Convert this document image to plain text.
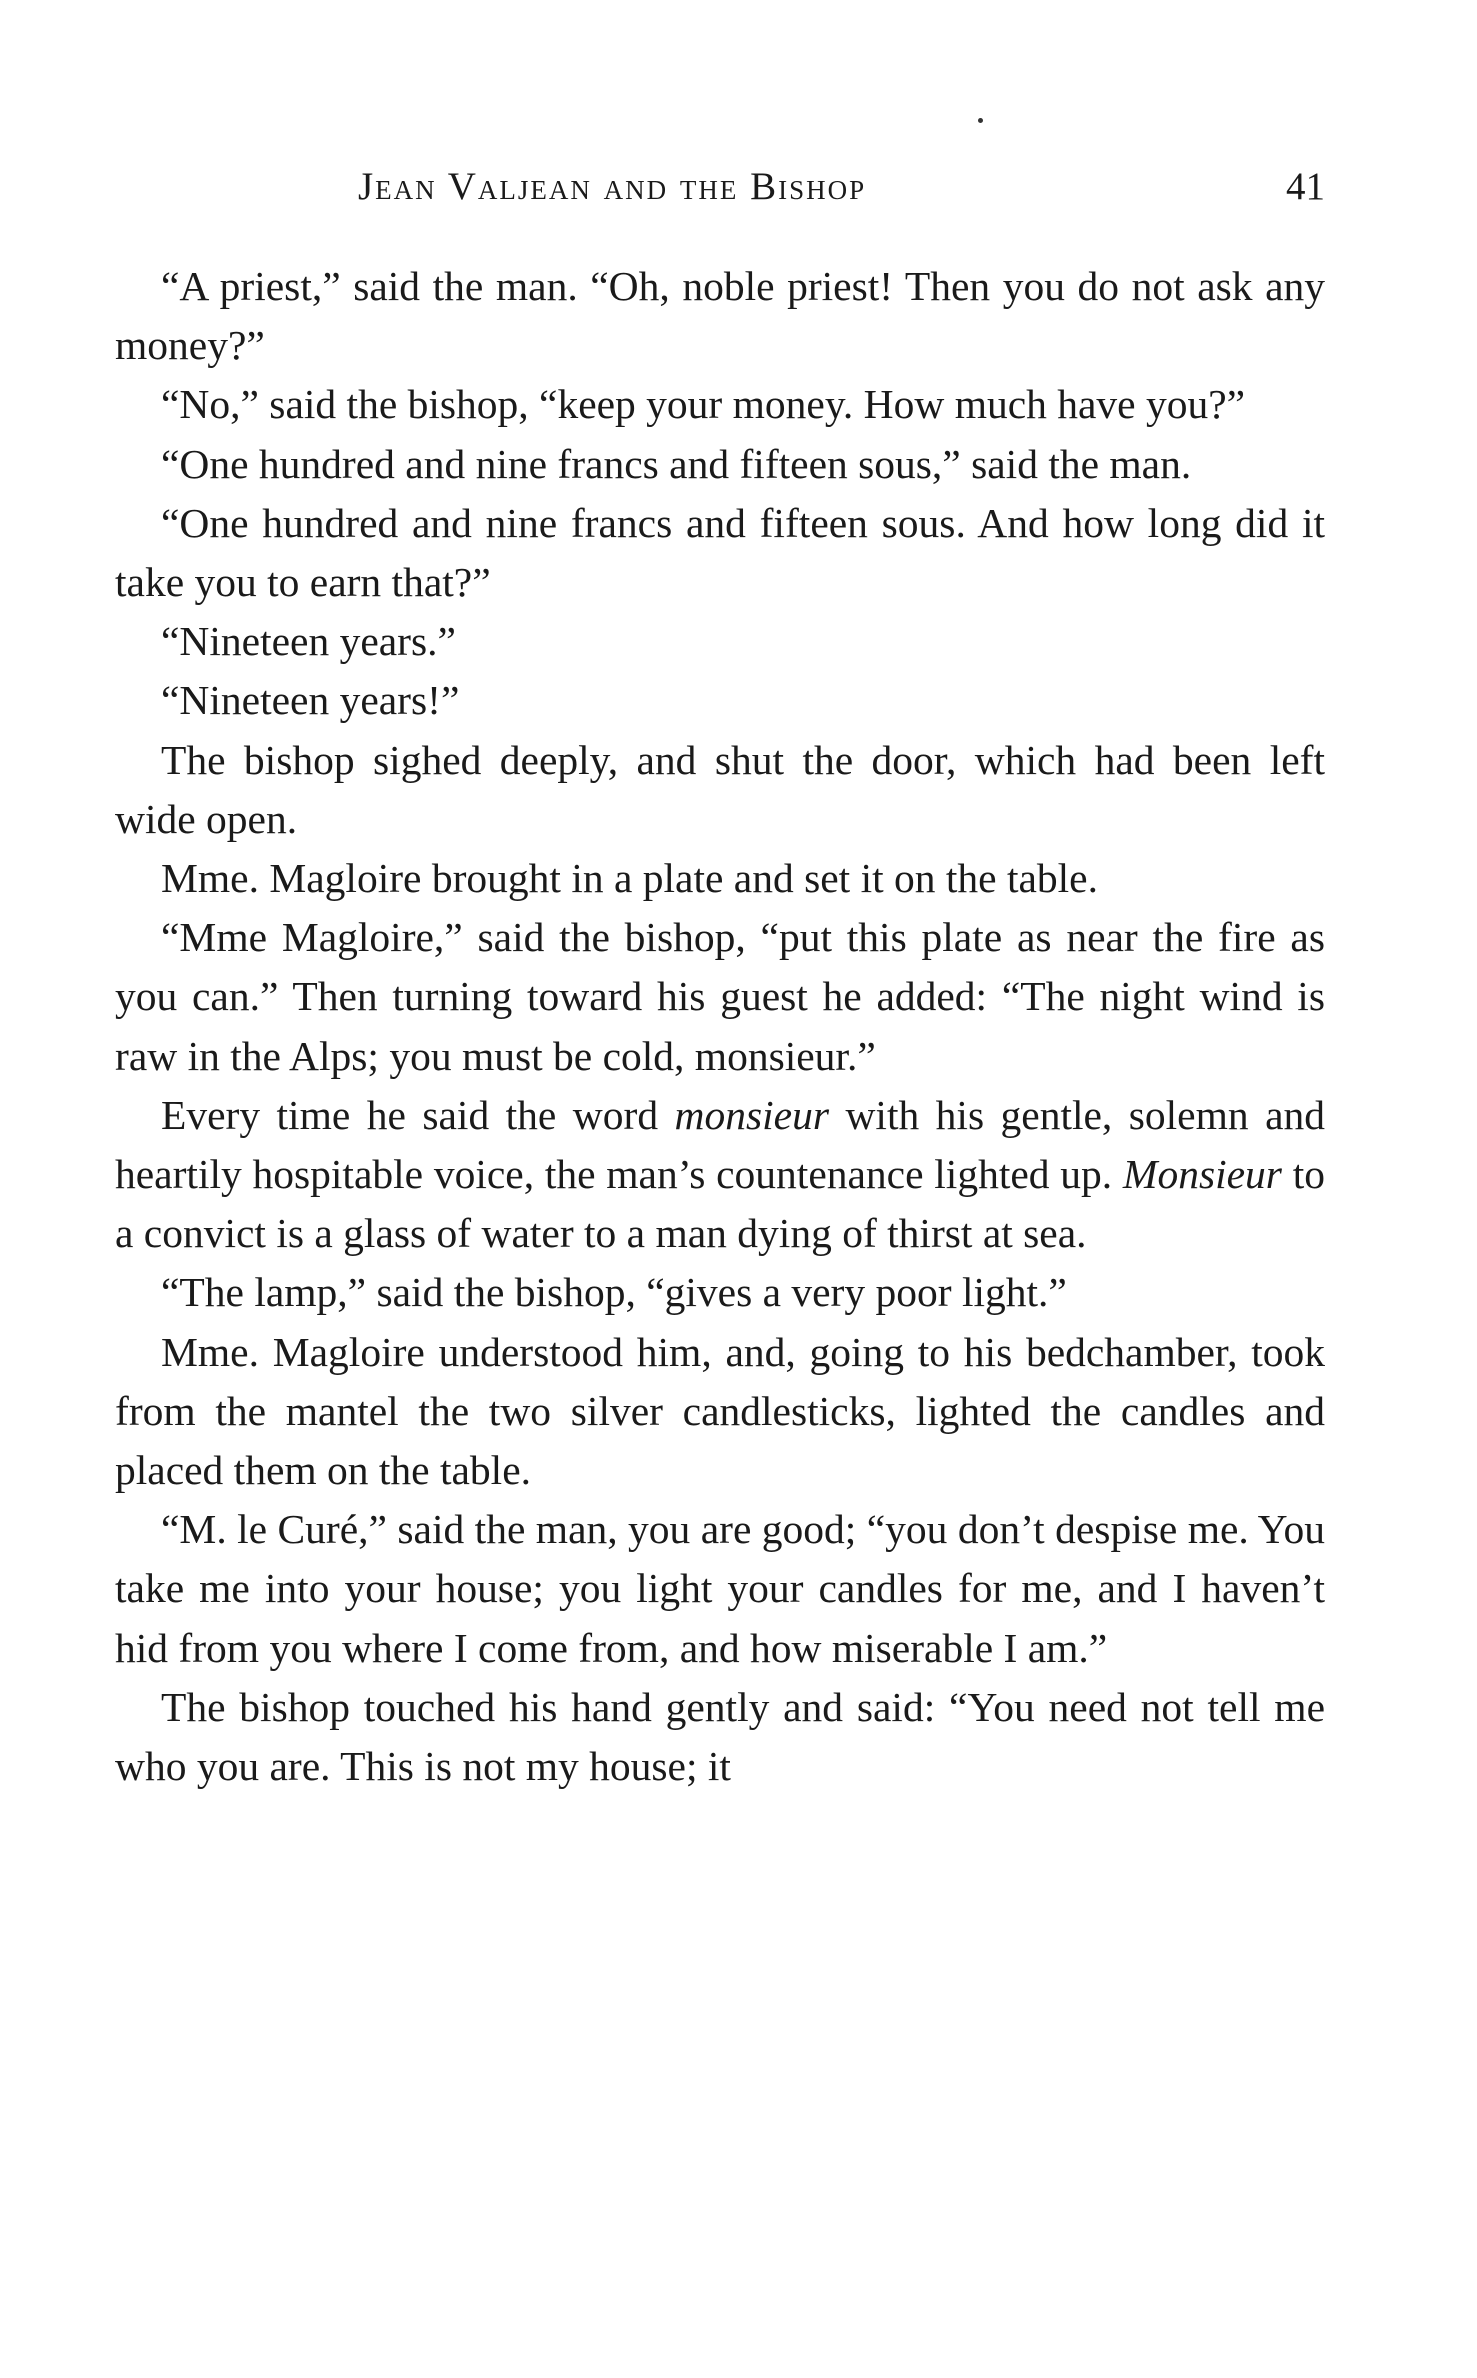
Jean Valjean and the Bishop	41

“A priest,” said the man. “Oh, noble priest! Then you do not ask any money?”

“No,” said the bishop, “keep your money. How much have you?”

“One hundred and nine francs and fifteen sous,” said the man.

“One hundred and nine francs and fifteen sous. And how long did it take you to earn that?”

“Nineteen years.”

“Nineteen years!”

The bishop sighed deeply, and shut the door, which had been left wide open.

Mme. Magloire brought in a plate and set it on the table.

“Mme Magloire,” said the bishop, “put this plate as near the fire as you can.” Then turning toward his guest he added: “The night wind is raw in the Alps; you must be cold, monsieur.”

Every time he said the word monsieur with his gentle, solemn and heartily hospitable voice, the man’s countenance lighted up. Monsieur to a convict is a glass of water to a man dying of thirst at sea.

“The lamp,” said the bishop, “gives a very poor light.”

Mme. Magloire understood him, and, going to his bedchamber, took from the mantel the two silver candlesticks, lighted the candles and placed them on the table.

“M. le Curé,” said the man, you are good; “you don’t despise me. You take me into your house; you light your candles for me, and I haven’t hid from you where I come from, and how miserable I am.”

The bishop touched his hand gently and said: “You need not tell me who you are. This is not my house; it
